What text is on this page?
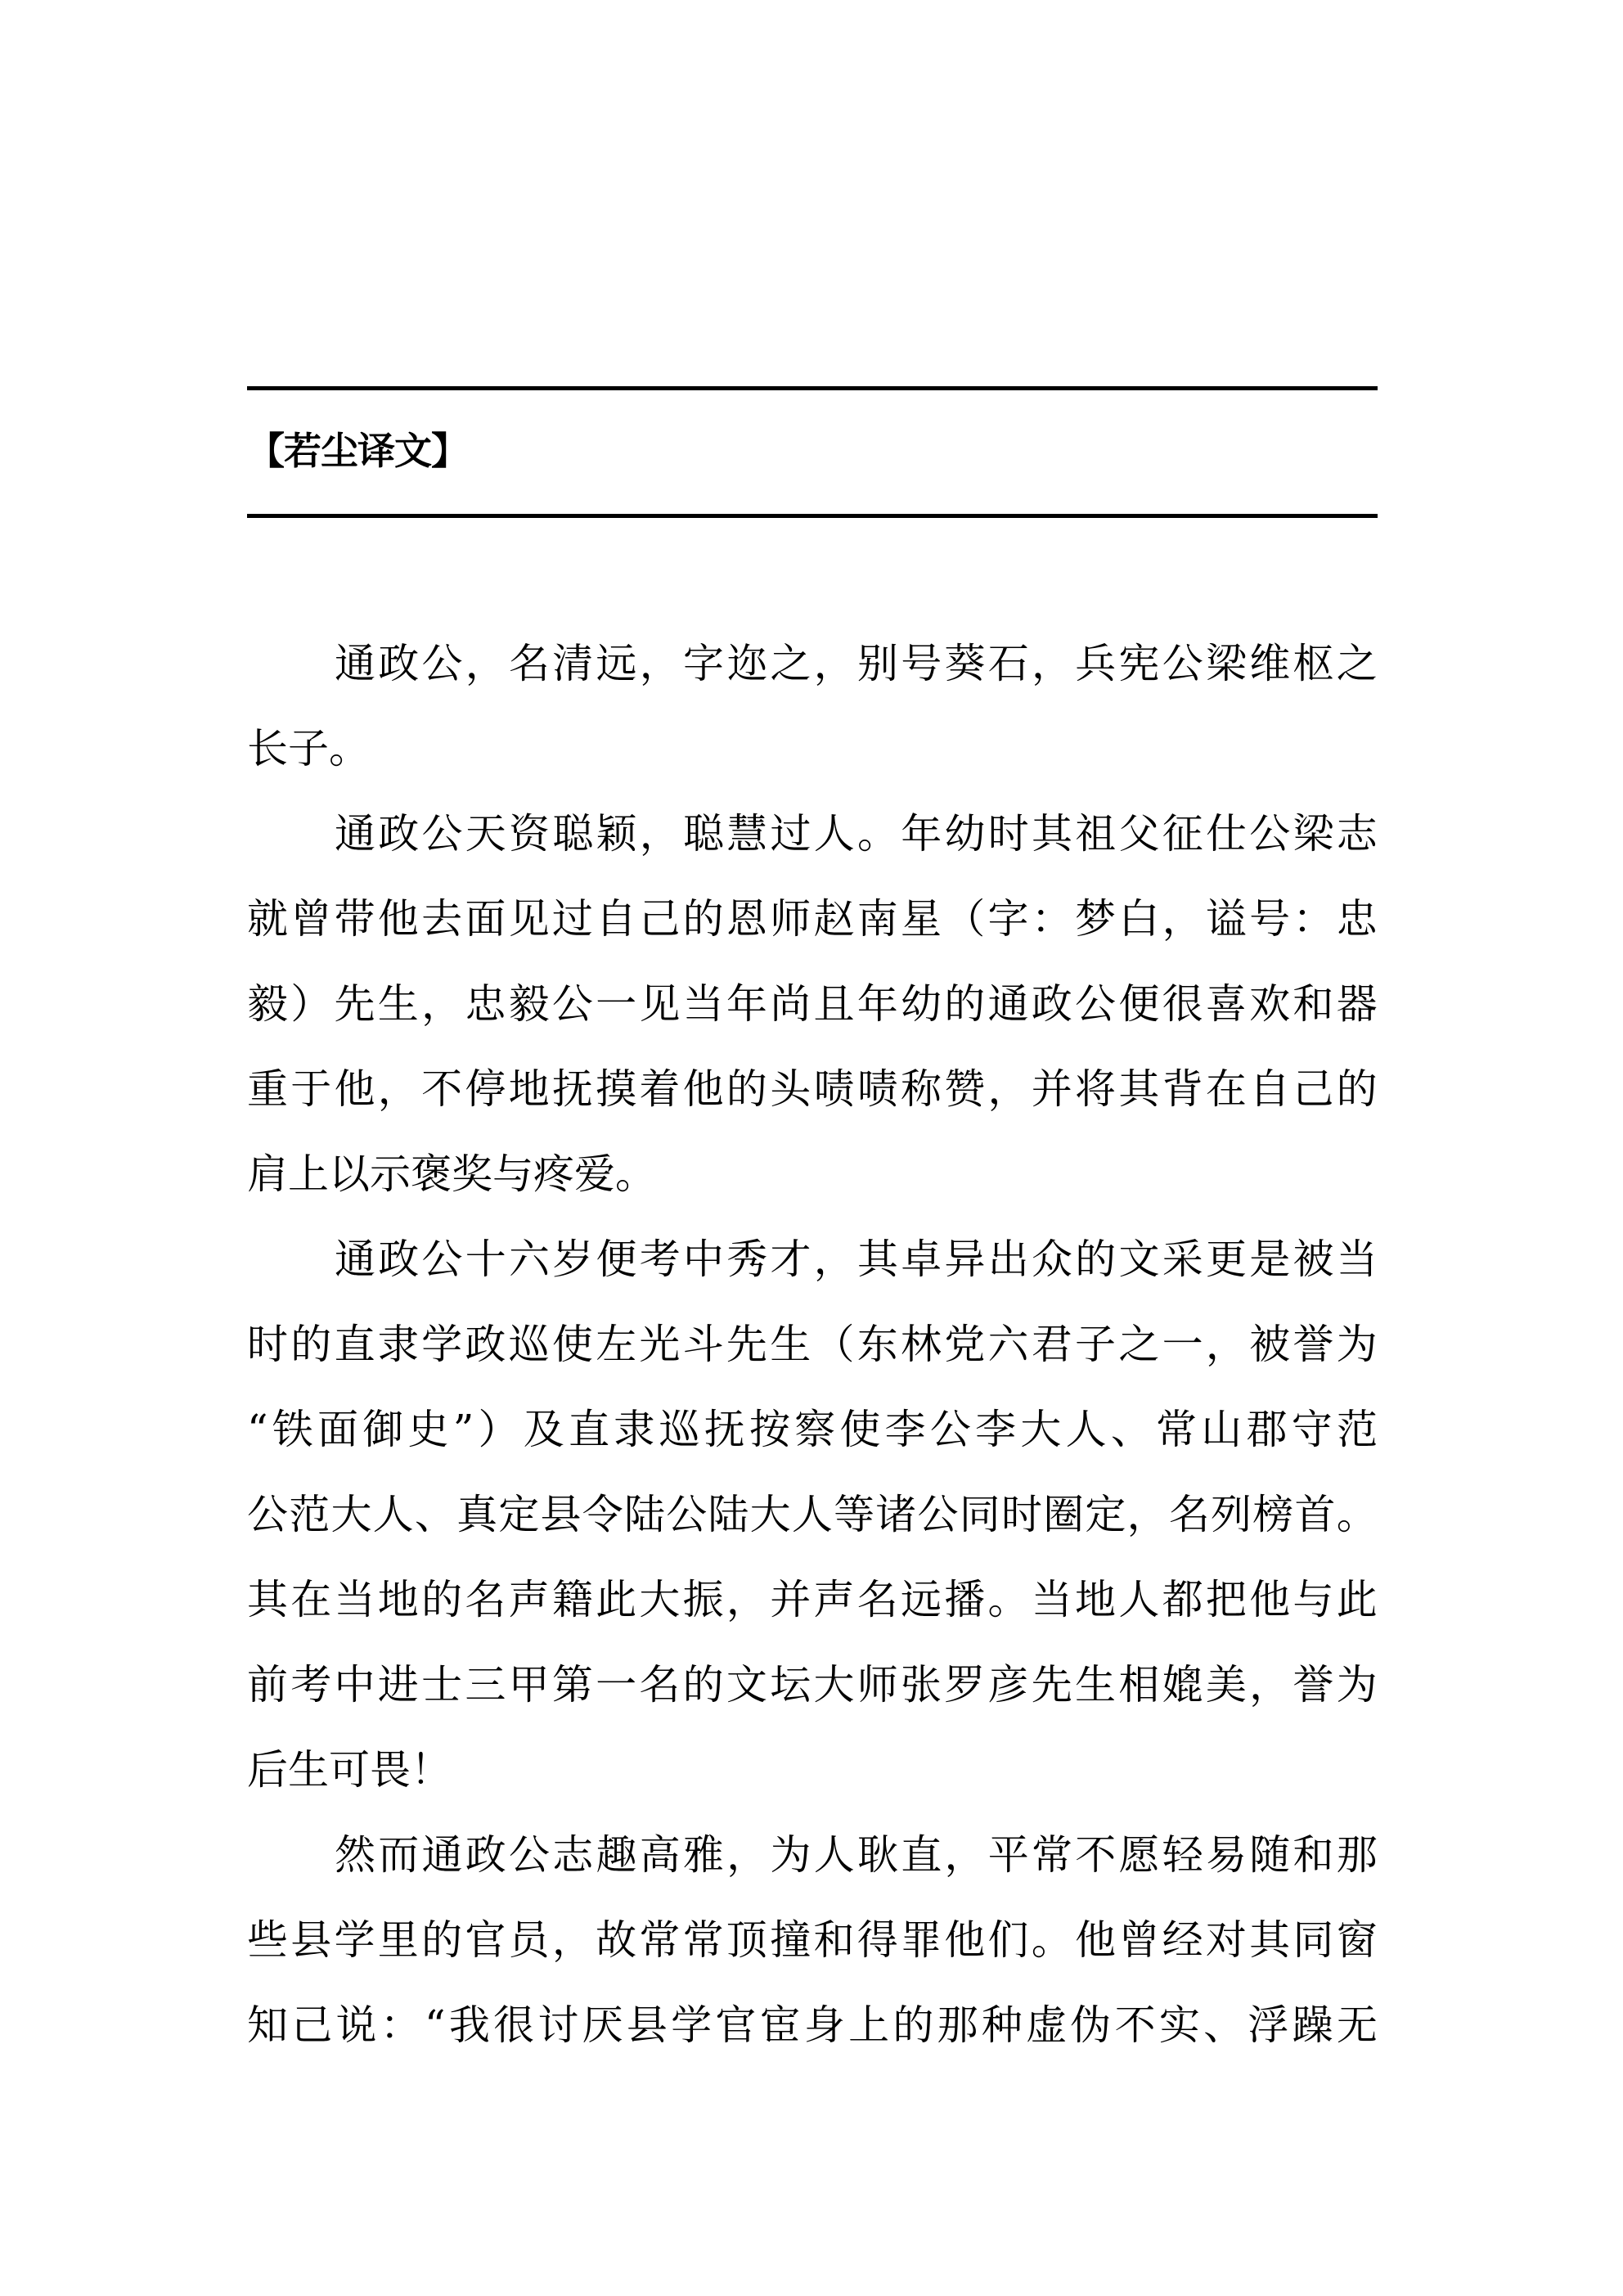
【若尘译文】
通 政 公 ， 名 清 远 ， 字 迩 之 ， 别 号 葵 石 ， 兵 宪 公 梁 维 枢 之
长子。
通 政 公 天 资 聪 颖 ， 聪 慧 过 人 。 年 幼 时 其 祖 父 征 仕 公 梁 志
就 曾 带 他 去 面 见 过 自 己 的 恩 师 赵 南 星 （ 字 ： 梦 白 ， 谥 号 ： 忠
毅 ） 先 生 ， 忠 毅 公 一 见 当 年 尚 且 年 幼 的 通 政 公 便 很 喜 欢 和 器
重 于 他 ， 不 停 地 抚 摸 着 他 的 头 啧 啧 称 赞 ， 并 将 其 背 在 自 己 的
肩上以示褒奖与疼爱。
通 政 公 十 六 岁 便 考 中 秀 才 ， 其 卓 异 出 众 的 文 采 更 是 被 当
时 的 直 隶 学 政 巡 使 左 光 斗 先 生 （ 东 林 党 六 君 子 之 一 ， 被 誉 为
“ 铁 面 御 史 ” ） 及 直 隶 巡 抚 按 察 使 李 公 李 大 人 、 常 山 郡 守 范
公 范 大 人 、 真 定 县 令 陆 公 陆 大 人 等 诸 公 同 时 圈 定 ， 名 列 榜 首 。
其 在 当 地 的 名 声 籍 此 大 振 ， 并 声 名 远 播 。 当 地 人 都 把 他 与 此
前 考 中 进 士 三 甲 第 一 名 的 文 坛 大 师 张 罗 彦 先 生 相 媲 美 ， 誉 为
后生可畏！
然 而 通 政 公 志 趣 高 雅 ， 为 人 耿 直 ， 平 常 不 愿 轻 易 随 和 那
些 县 学 里 的 官 员 ， 故 常 常 顶 撞 和 得 罪 他 们 。 他 曾 经 对 其 同 窗
知 己 说 ： “ 我 很 讨 厌 县 学 官 宦 身 上 的 那 种 虚 伪 不 实 、 浮 躁 无
